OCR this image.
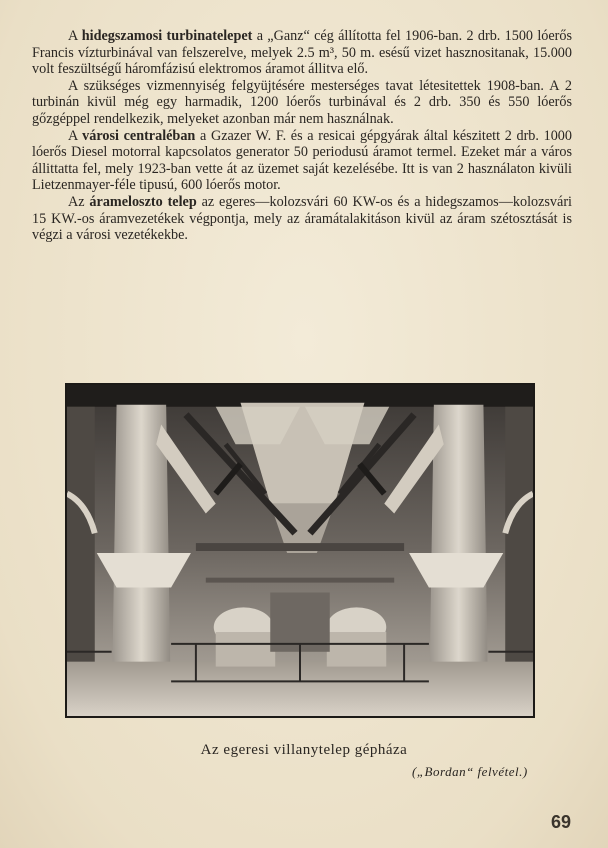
A hidegszamosi turbinatelepet a „Ganz“ cég állította fel 1906-ban. 2 drb. 1500 lóerős Francis vízturbinával van felszerelve, melyek 2.5 m³, 50 m. esésű vizet hasznositanak, 15.000 volt feszültségű háromfázisú elektromos áramot állitva elő.

A szükséges vizmennyiség felgyüjtésére mesterséges tavat létesitettek 1908-ban. A 2 turbinán kivül még egy harmadik, 1200 lóerős turbinával és 2 drb. 350 és 550 lóerős gőzgéppel rendelkezik, melyeket azonban már nem használnak.

A városi centraléban a Gzazer W. F. és a resicai gépgyárak által készitett 2 drb. 1000 lóerős Diesel motorral kapcsolatos generator 50 periodusú áramot termel. Ezeket már a város állittatta fel, mely 1923-ban vette át az üzemet saját kezelésébe. Itt is van 2 használaton kivüli Lietzenmayer-féle tipusú, 600 lóerős motor.

Az árameloszto telep az egeres—kolozsvári 60 KW-os és a hidegszamos—kolozsvári 15 KW.-os áramvezetékek végpontja, mely az áramátalakitáson kivül az áram szétosztását is végzi a városi vezetékekbe.

Az egeresi villanytelep gépháza
(„Bordan“ felvétel.)
69
